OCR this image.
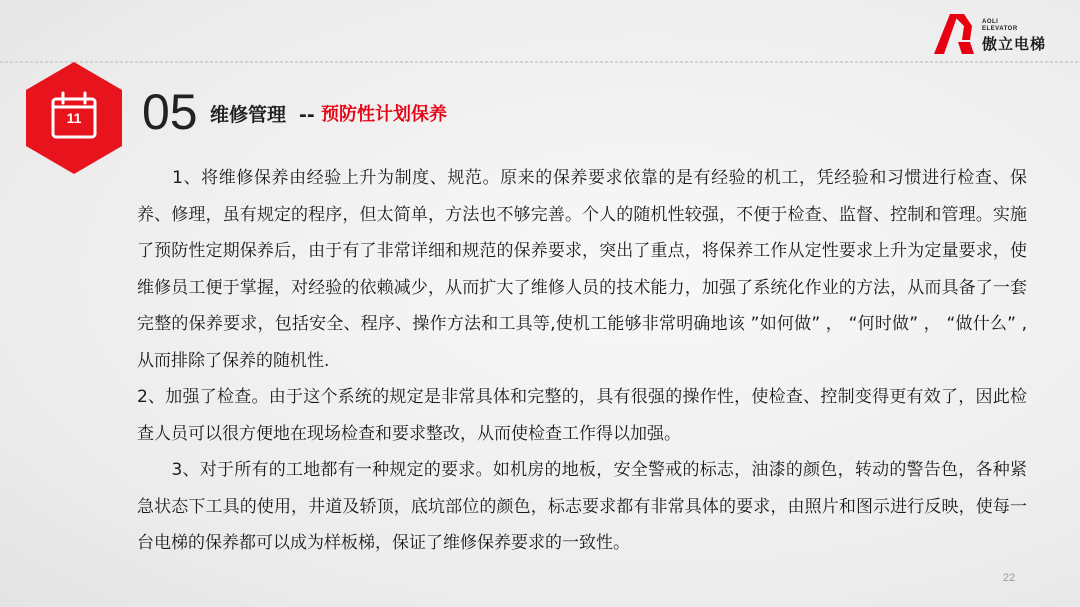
AOLI
ELEVATOR
傲立电梯
11	05 维修管理 -- 预防性计划保养

　　1、将维修保养由经验上升为制度、规范。原来的保养要求依靠的是有经验的机工，凭经验和习惯进行检查、保养、修理，虽有规定的程序，但太简单，方法也不够完善。个人的随机性较强，不便于检查、监督、控制和管理。实施了预防性定期保养后，由于有了非常详细和规范的保养要求，突出了重点，将保养工作从定性要求上升为定量要求，使维修员工便于掌握，对经验的依赖减少，从而扩大了维修人员的技术能力，加强了系统化作业的方法，从而具备了一套完整的保养要求，包括安全、程序、操作方法和工具等,使机工能够非常明确地该 ”如何做” ， “何时做” ， “做什么” ,从而排除了保养的随机性.

2、加强了检查。由于这个系统的规定是非常具体和完整的，具有很强的操作性，使检查、控制变得更有效了，因此检查人员可以很方便地在现场检查和要求整改，从而使检查工作得以加强。

　　3、对于所有的工地都有一种规定的要求。如机房的地板，安全警戒的标志，油漆的颜色，转动的警告色，各种紧急状态下工具的使用，井道及轿顶，底坑部位的颜色，标志要求都有非常具体的要求，由照片和图示进行反映，使每一台电梯的保养都可以成为样板梯，保证了维修保养要求的一致性。

22
